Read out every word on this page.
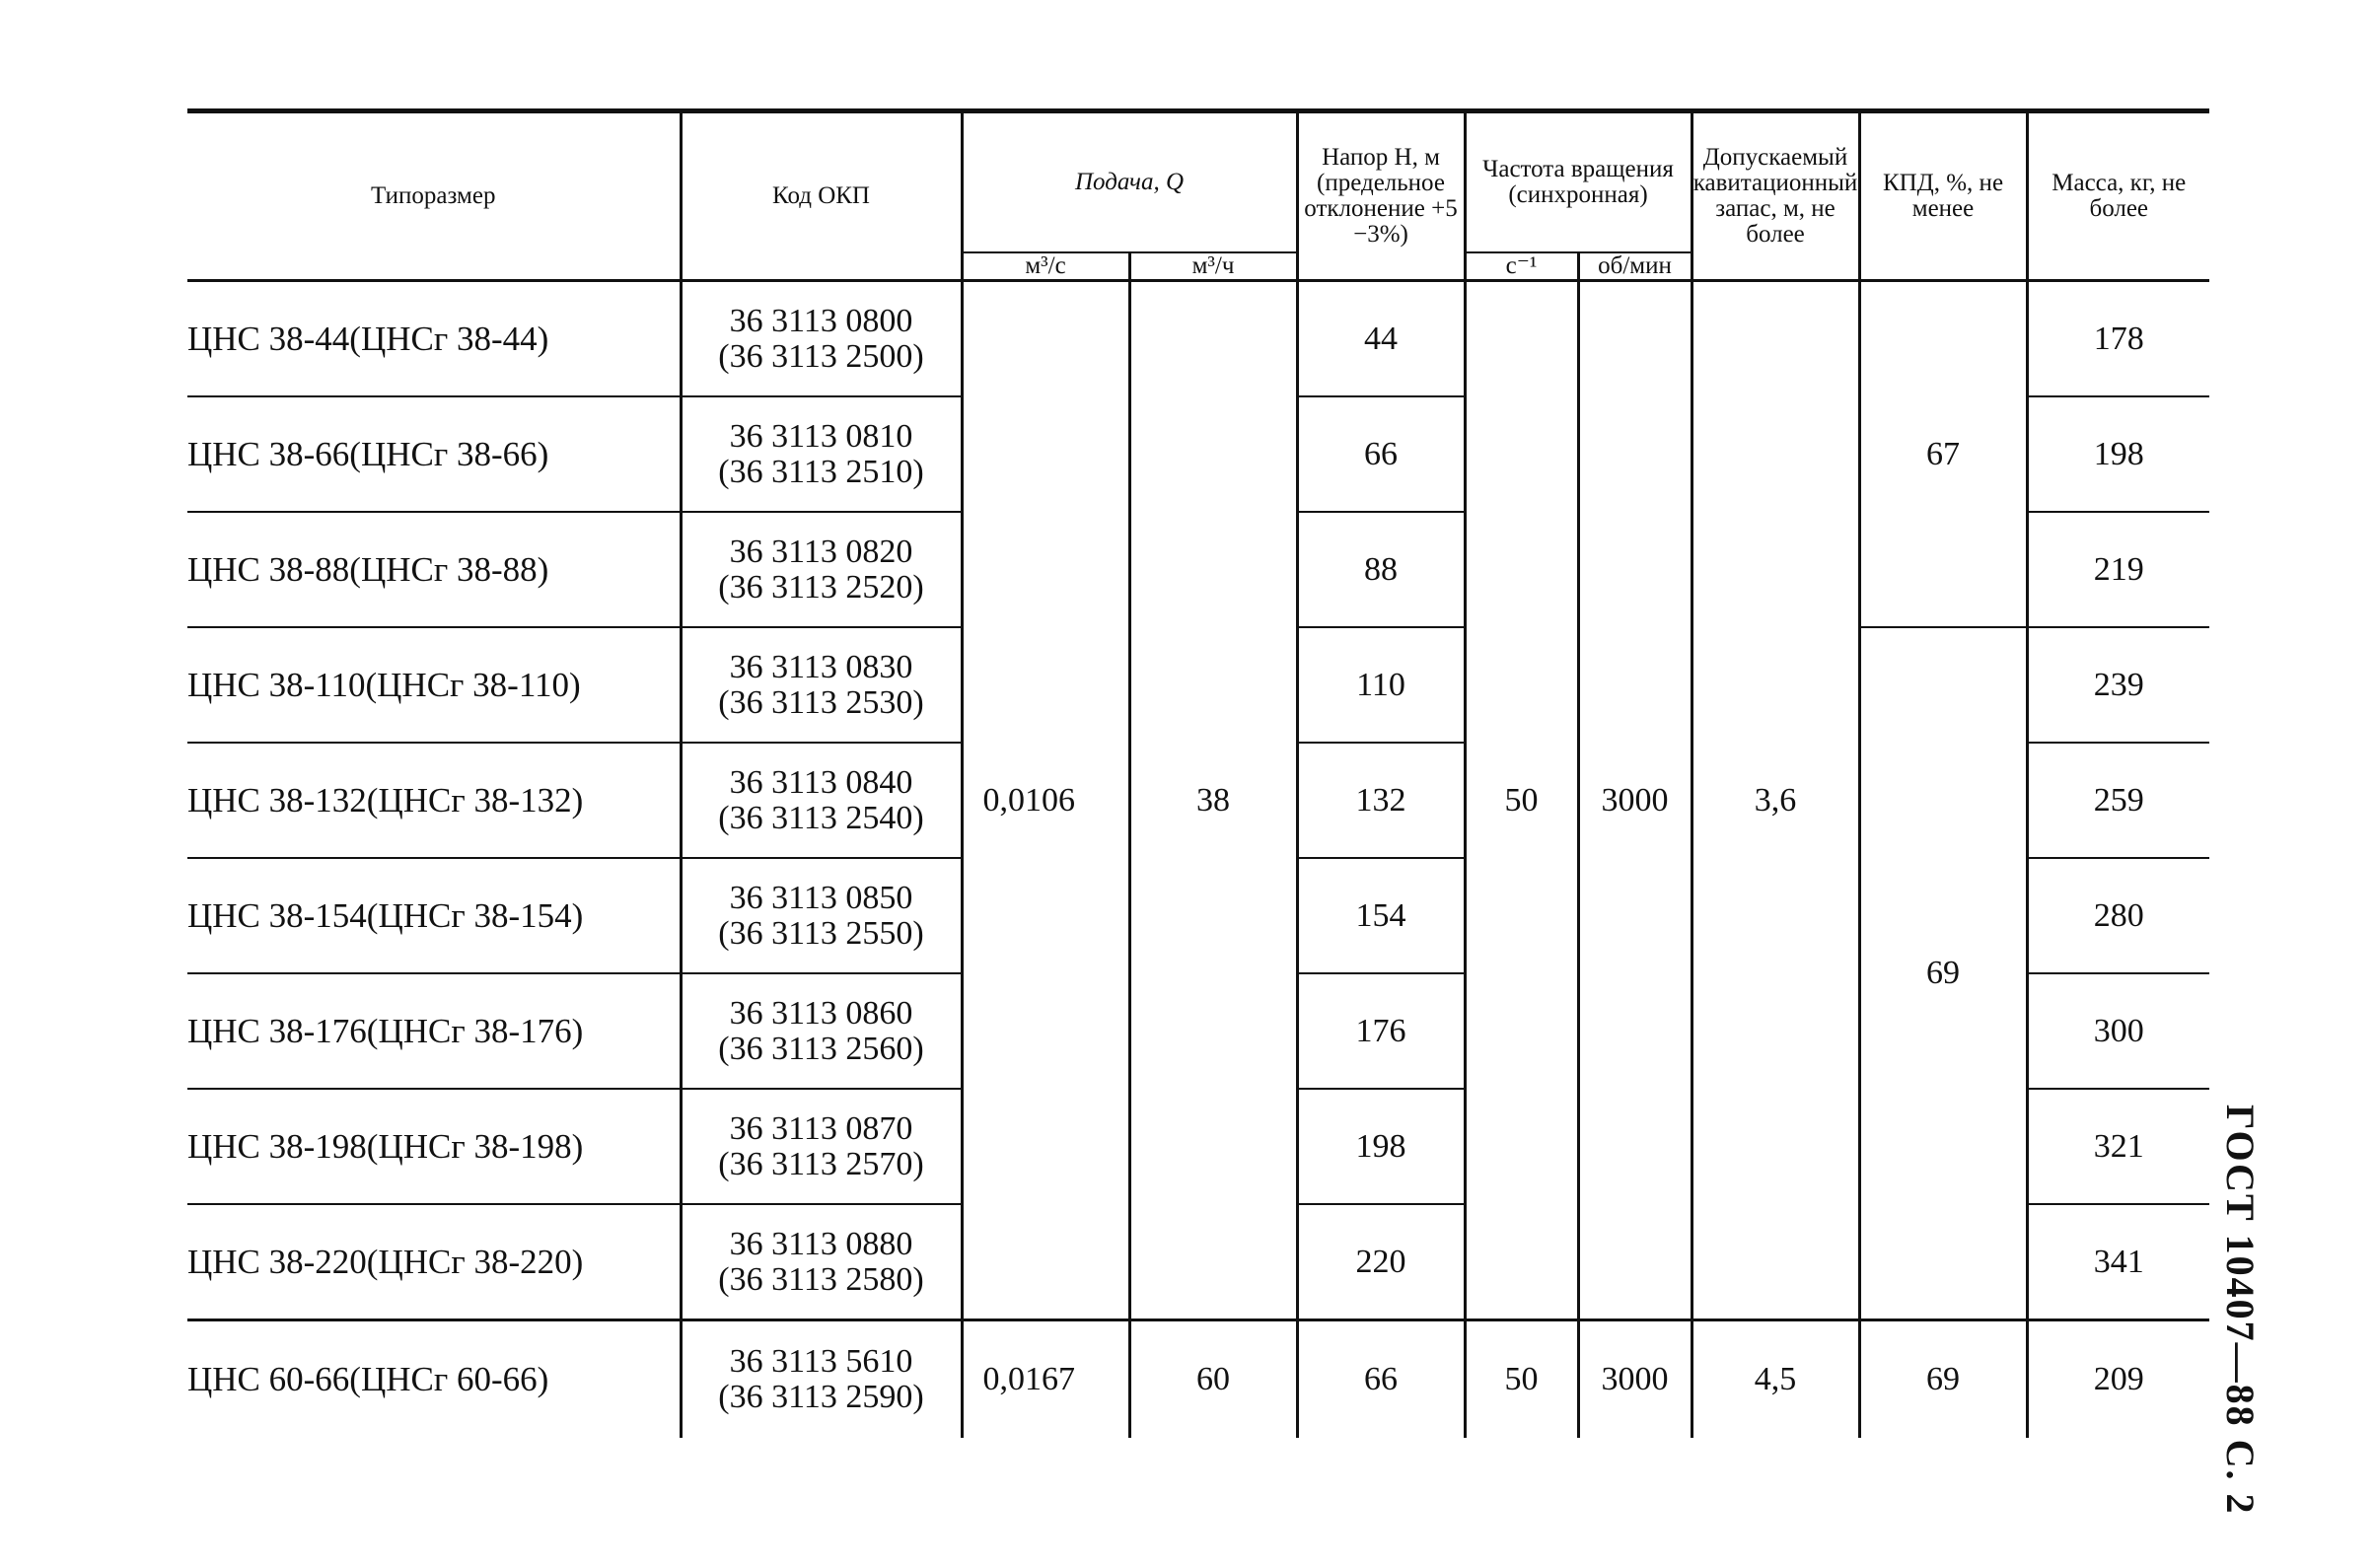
Типоразмер	Код ОКП	Подача, Q		Напор H, м (предельное отклонение +5 −3%)	Частота вращения (синхронная)		Допускаемый кавитационный запас, м, не более	КПД, %, не менее	Масса, кг, не более
		м³/с	м³/ч		с⁻¹	об/мин			

ЦНС 38-44(ЦНСг 38-44)	36 3113 0800
(36 3113 2500)	0,0106	38	44	50	3000	3,6	67	178
ЦНС 38-66(ЦНСг 38-66)	36 3113 0810
(36 3113 2510)			66					198
ЦНС 38-88(ЦНСг 38-88)	36 3113 0820
(36 3113 2520)			88					219
ЦНС 38-110(ЦНСг 38-110)	36 3113 0830
(36 3113 2530)			110				69	239
ЦНС 38-132(ЦНСг 38-132)	36 3113 0840
(36 3113 2540)			132					259
ЦНС 38-154(ЦНСг 38-154)	36 3113 0850
(36 3113 2550)			154					280
ЦНС 38-176(ЦНСг 38-176)	36 3113 0860
(36 3113 2560)			176					300
ЦНС 38-198(ЦНСг 38-198)	36 3113 0870
(36 3113 2570)			198					321
ЦНС 38-220(ЦНСг 38-220)	36 3113 0880
(36 3113 2580)			220					341
ЦНС 60-66(ЦНСг 60-66)	36 3113 5610
(36 3113 2590)	0,0167	60	66	50	3000	4,5	69	209 ГОСТ 10407—88 С. 2
